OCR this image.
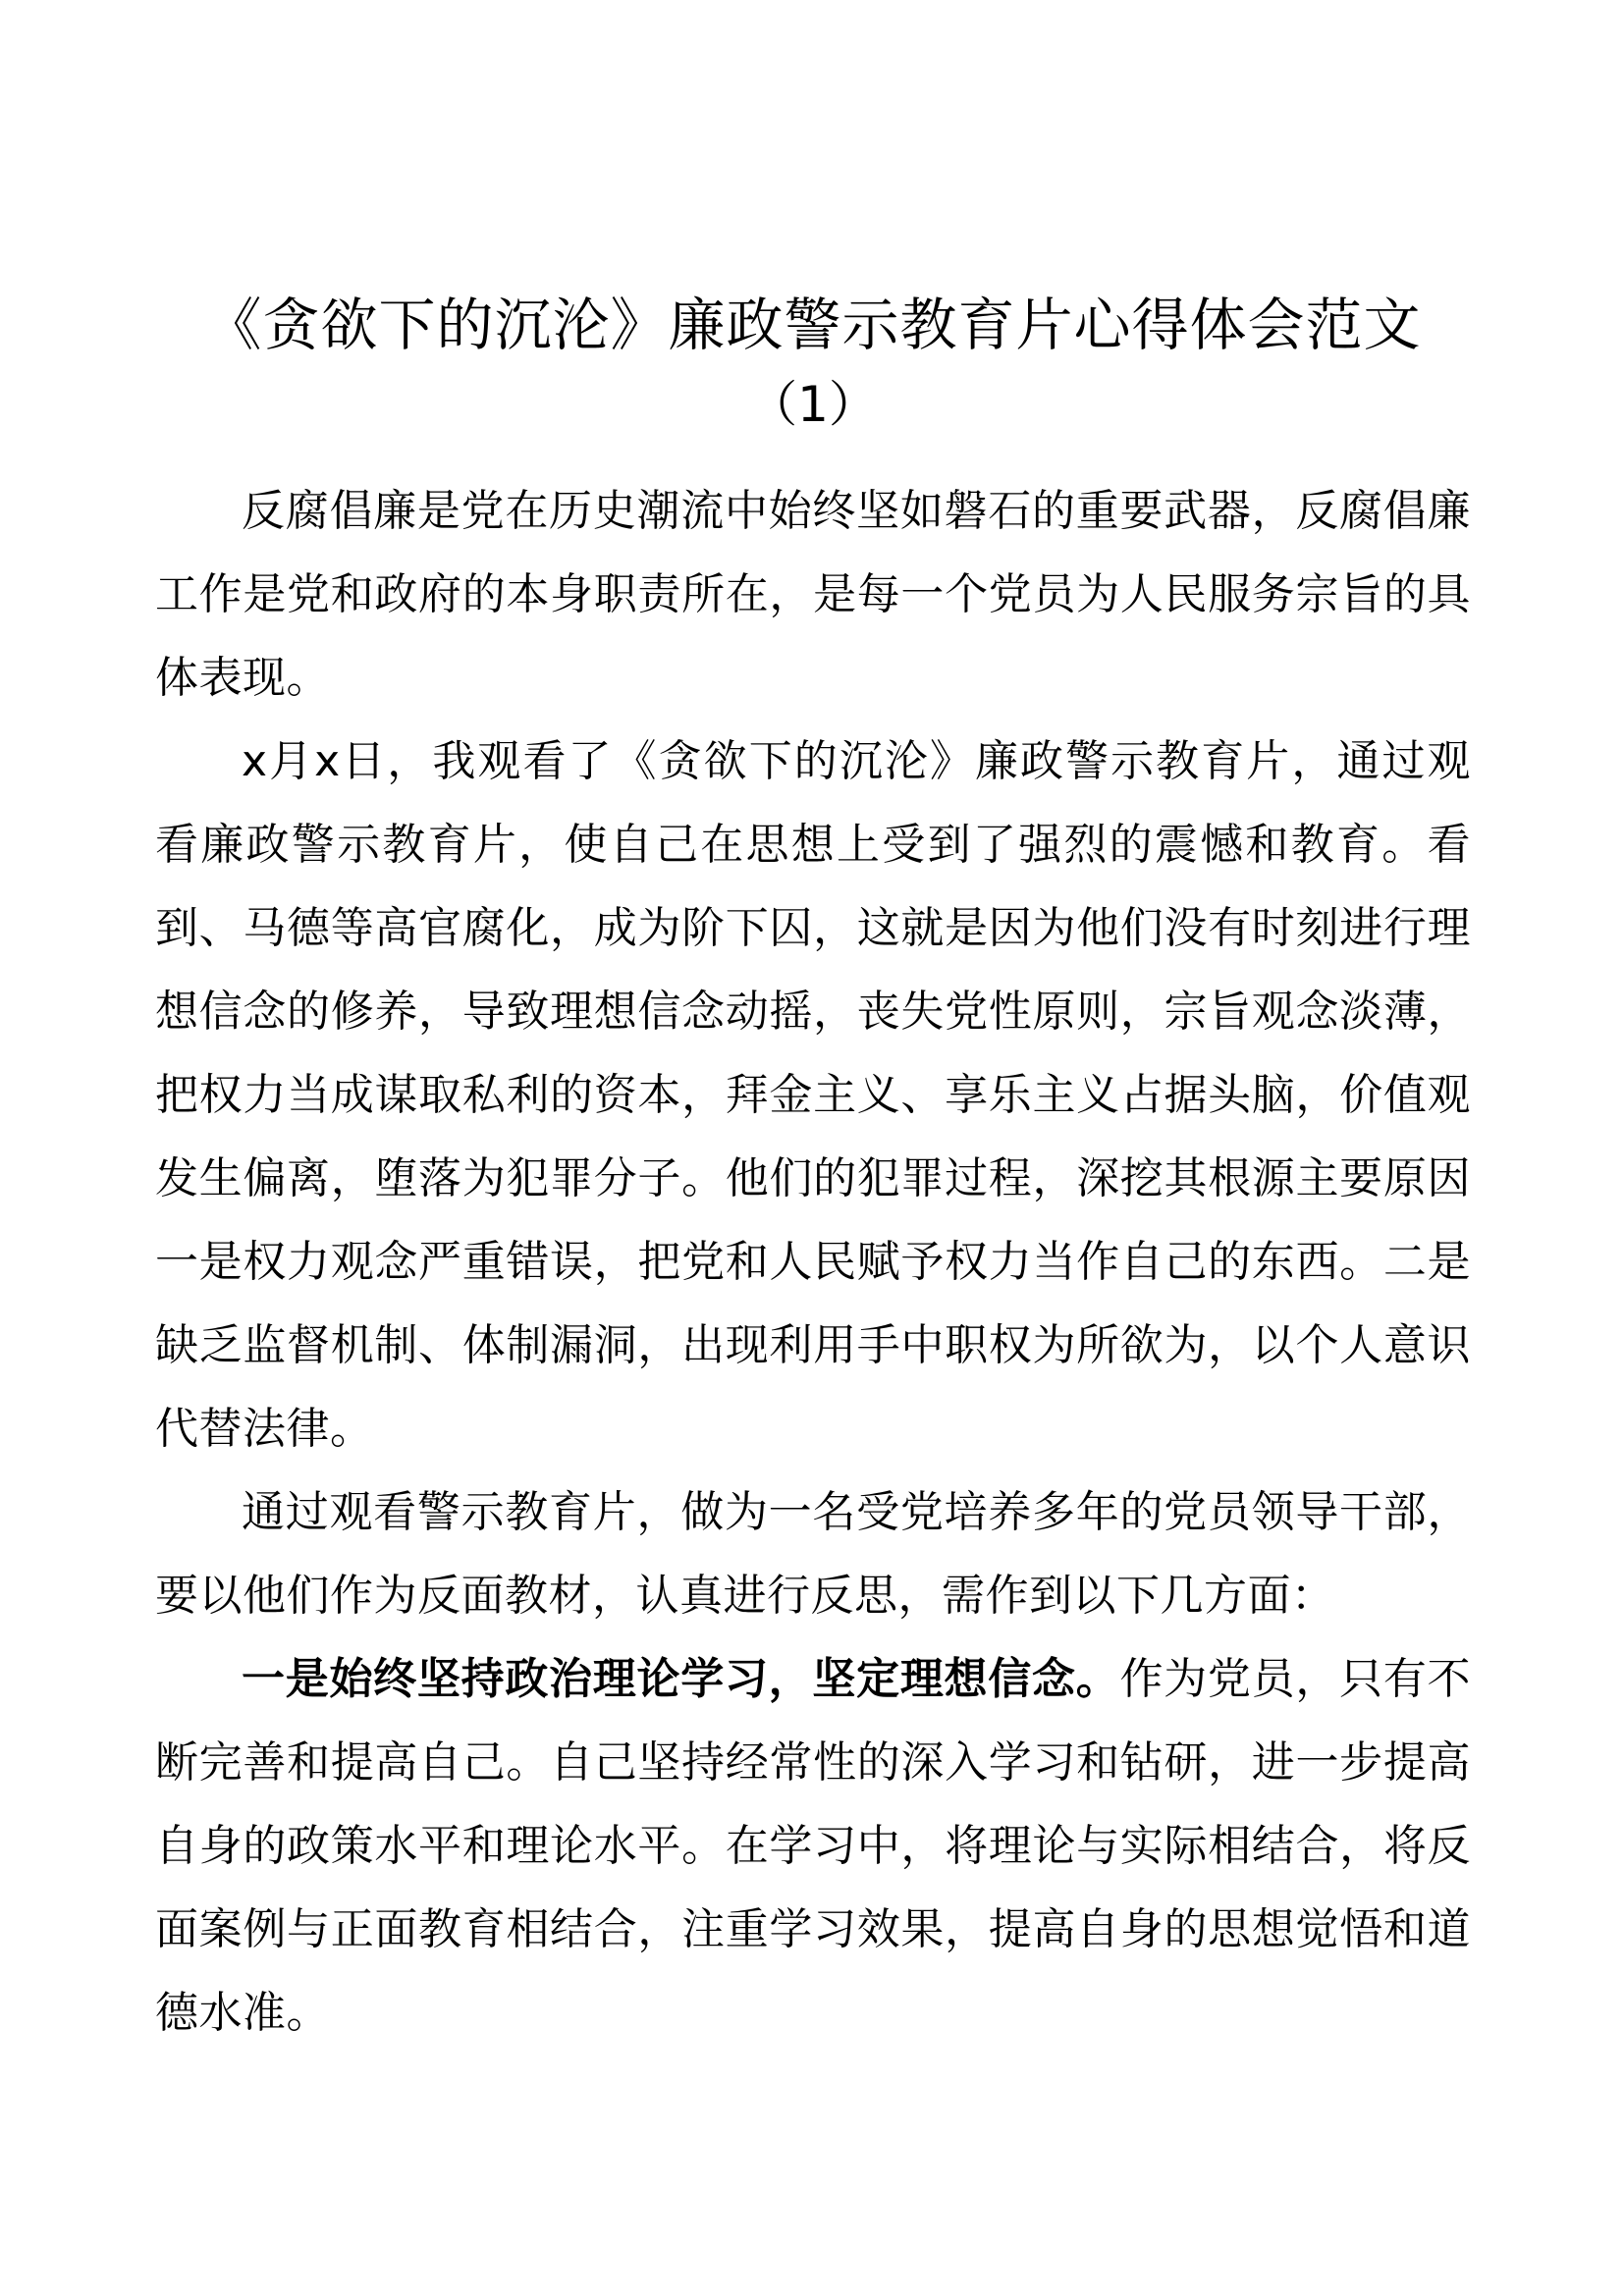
《贪欲下的沉沦》廉政警示教育片心得体会范文
（1）

反腐倡廉是党在历史潮流中始终坚如磐石的重要武器，反腐倡廉工作是党和政府的本身职责所在，是每一个党员为人民服务宗旨的具体表现。

x月x日，我观看了《贪欲下的沉沦》廉政警示教育片，通过观看廉政警示教育片，使自己在思想上受到了强烈的震憾和教育。看到、马德等高官腐化，成为阶下囚，这就是因为他们没有时刻进行理想信念的修养，导致理想信念动摇，丧失党性原则，宗旨观念淡薄，把权力当成谋取私利的资本，拜金主义、享乐主义占据头脑，价值观发生偏离，堕落为犯罪分子。他们的犯罪过程，深挖其根源主要原因一是权力观念严重错误，把党和人民赋予权力当作自己的东西。二是缺乏监督机制、体制漏洞，出现利用手中职权为所欲为，以个人意识代替法律。

通过观看警示教育片，做为一名受党培养多年的党员领导干部，要以他们作为反面教材，认真进行反思，需作到以下几方面：

一是始终坚持政治理论学习，坚定理想信念。作为党员，只有不断完善和提高自己。自己坚持经常性的深入学习和钻研，进一步提高自身的政策水平和理论水平。在学习中，将理论与实际相结合，将反面案例与正面教育相结合，注重学习效果，提高自身的思想觉悟和道德水准。
